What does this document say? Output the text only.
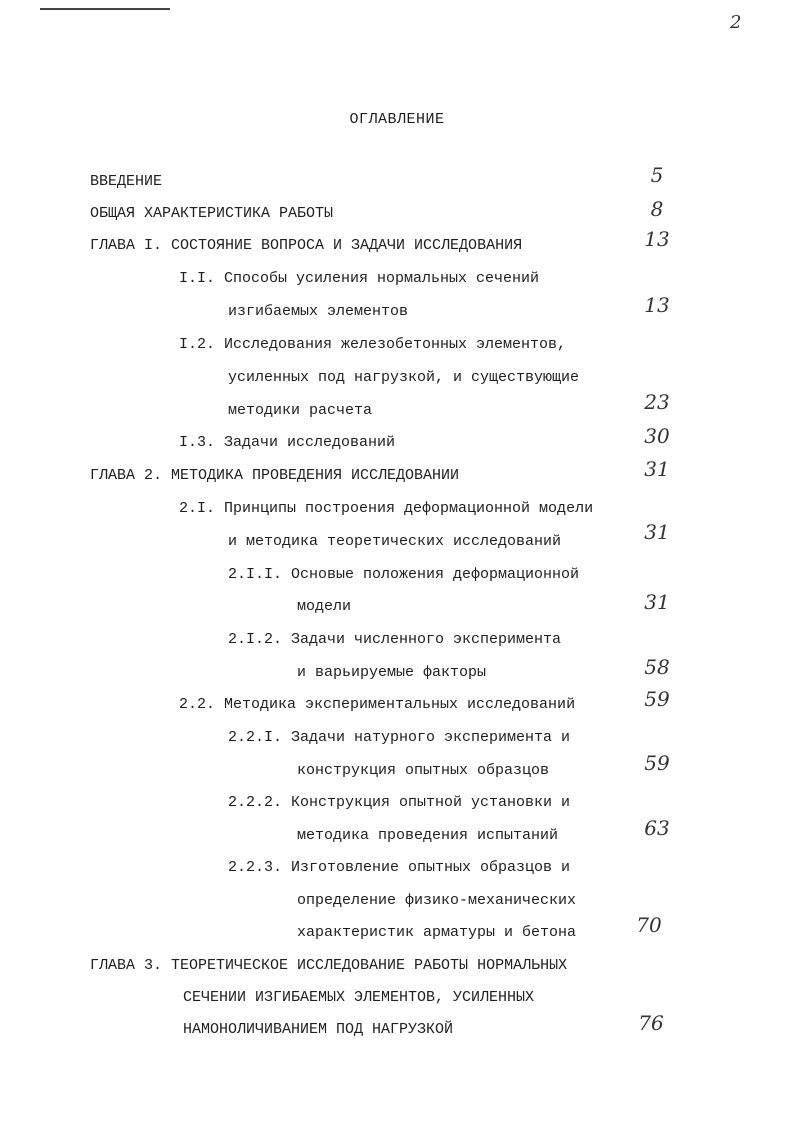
2
ОГЛАВЛЕНИЕ
ВВЕДЕНИЕ	5
ОБЩАЯ ХАРАКТЕРИСТИКА РАБОТЫ	8
ГЛАВА I. СОСТОЯНИЕ ВОПРОСА И ЗАДАЧИ ИССЛЕДОВАНИЯ	13
I.I. Способы усиления нормальных сечений
изгибаемых элементов	13
I.2. Исследования железобетонных элементов,
усиленных под нагрузкой, и существующие
методики расчета	23
I.3. Задачи исследований	30
ГЛАВА 2. МЕТОДИКА ПРОВЕДЕНИЯ ИССЛЕДОВАНИИ	31
2.I. Принципы построения деформационной модели
и методика теоретических исследований	31
2.I.I. Основые положения деформационной
модели	31
2.I.2. Задачи численного эксперимента
и варьируемые факторы	58
2.2. Методика экспериментальных исследований	59
2.2.I. Задачи натурного эксперимента и
конструкция опытных образцов	59
2.2.2. Конструкция опытной установки и
методика проведения испытаний	63
2.2.3. Изготовление опытных образцов и
определение физико-механических
характеристик арматуры и бетона	70
ГЛАВА 3. ТЕОРЕТИЧЕСКОЕ ИССЛЕДОВАНИЕ РАБОТЫ НОРМАЛЬНЫХ
СЕЧЕНИИ ИЗГИБАЕМЫХ ЭЛЕМЕНТОВ, УСИЛЕННЫХ
НАМОНОЛИЧИВАНИЕМ ПОД НАГРУЗКОЙ	76
